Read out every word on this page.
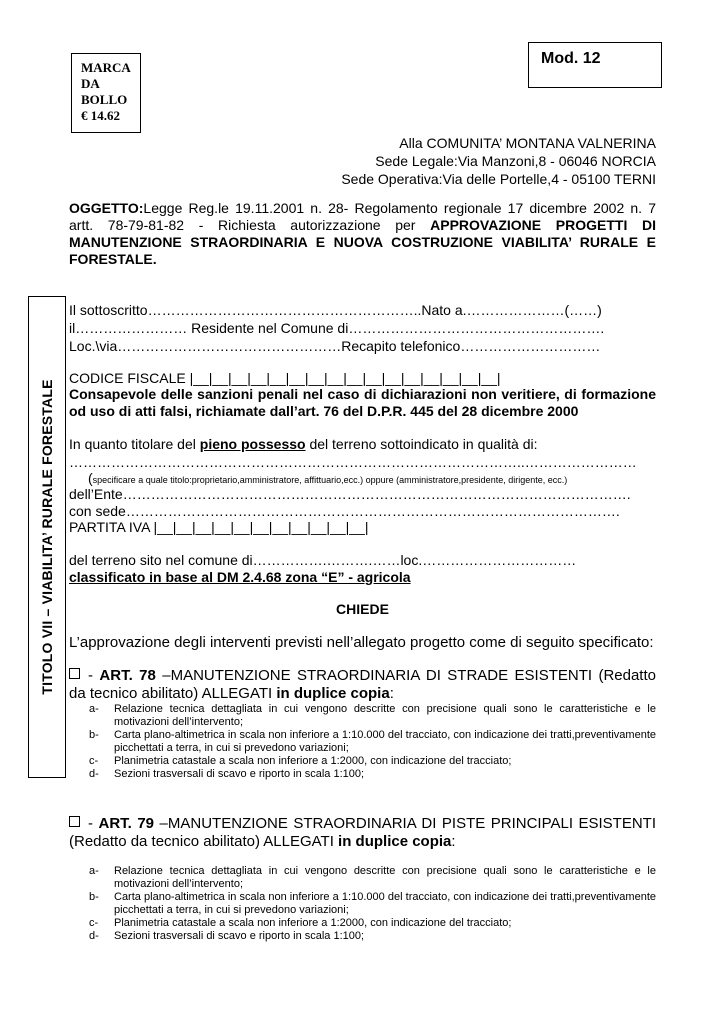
MARCA
DA
BOLLO
€ 14.62
Mod. 12
Alla COMUNITA’ MONTANA VALNERINA
Sede Legale:Via Manzoni,8 - 06046 NORCIA
Sede Operativa:Via delle Portelle,4 - 05100 TERNI
OGGETTO:Legge Reg.le 19.11.2001 n. 28- Regolamento regionale 17 dicembre 2002 n. 7 artt. 78-79-81-82 - Richiesta autorizzazione per APPROVAZIONE PROGETTI DI MANUTENZIONE STRAORDINARIA E NUOVA COSTRUZIONE VIABILITA’ RURALE E FORESTALE.
TITOLO VII – VIABILITA’ RURALE FORESTALE
Il sottoscritto…………………………………………………..Nato a.…………………(……)
il…………………… Residente nel Comune di……………………………………………….
Loc.\via…………………………………………Recapito telefonico…………………………
CODICE FISCALE |__|__|__|__|__|__|__|__|__|__|__|__|__|__|__|__|
Consapevole delle sanzioni penali nel caso di dichiarazioni non veritiere, di formazione od uso di atti falsi, richiamate dall’art. 76 del D.P.R. 445 del 28 dicembre 2000
In quanto titolare del pieno possesso del terreno sottoindicato in qualità di:
……………………………………………………………………………………..……………………
(specificare a quale titolo:proprietario,amministratore, affittuario,ecc.) oppure (amministratore,presidente, dirigente, ecc.)
dell’Ente……………………………………………………………………………………………….
con sede…………………………………………………………………………………………….
PARTITA IVA |__|__|__|__|__|__|__|__|__|__|__|
del terreno sito nel comune di…………….……….……loc.……………………………
classificato in base al DM 2.4.68 zona “E” - agricola
CHIEDE
L’approvazione degli interventi previsti nell’allegato progetto come di seguito specificato:
- ART. 78 –MANUTENZIONE STRAORDINARIA DI STRADE ESISTENTI (Redatto da tecnico abilitato) ALLEGATI in duplice copia:
a- Relazione tecnica dettagliata in cui vengono descritte con precisione quali sono le caratteristiche e le motivazioni dell’intervento;
b- Carta plano-altimetrica in scala non inferiore a 1:10.000 del tracciato, con indicazione dei tratti,preventivamente picchettati a terra, in cui si prevedono variazioni;
c- Planimetria catastale a scala non inferiore a 1:2000, con indicazione del tracciato;
d- Sezioni trasversali di scavo e riporto in scala 1:100;
- ART. 79 –MANUTENZIONE STRAORDINARIA DI PISTE PRINCIPALI ESISTENTI (Redatto da tecnico abilitato) ALLEGATI in duplice copia:
a- Relazione tecnica dettagliata in cui vengono descritte con precisione quali sono le caratteristiche e le motivazioni dell’intervento;
b- Carta plano-altimetrica in scala non inferiore a 1:10.000 del tracciato, con indicazione dei tratti,preventivamente picchettati a terra, in cui si prevedono variazioni;
c- Planimetria catastale a scala non inferiore a 1:2000, con indicazione del tracciato;
d- Sezioni trasversali di scavo e riporto in scala 1:100;
